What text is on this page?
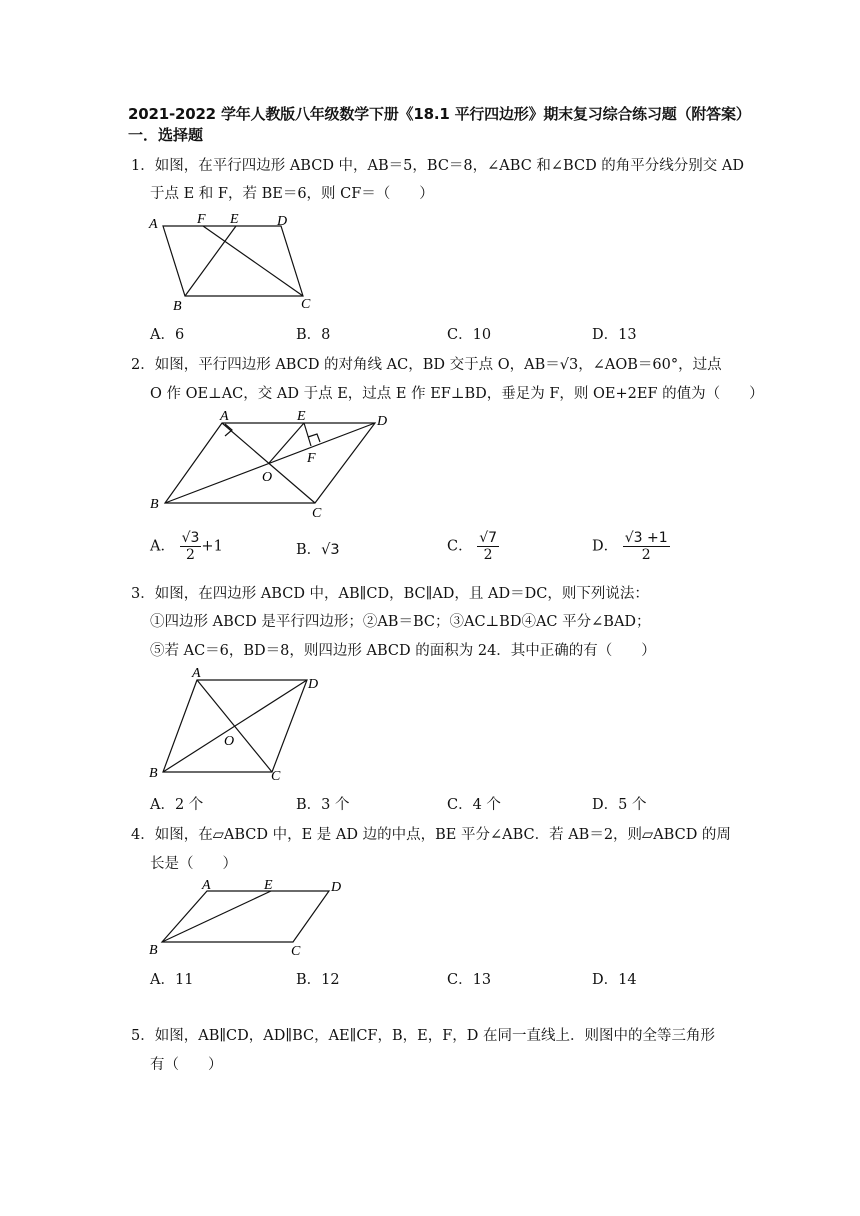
2021-2022 学年人教版八年级数学下册《18.1 平行四边形》期末复习综合练习题（附答案）
一．选择题
1．如图，在平行四边形 ABCD 中，AB＝5，BC＝8，∠ABC 和∠BCD 的角平分线分别交 AD
于点 E 和 F，若 BE＝6，则 CF＝（　　）
A	F E	D
B	C
A．6	B．8	C．10	D．13
2．如图，平行四边形 ABCD 的对角线 AC，BD 交于点 O，AB＝√3，∠AOB＝60°，过点
O 作 OE⊥AC，交 AD 于点 E，过点 E 作 EF⊥BD，垂足为 F，则 OE+2EF 的值为（　　）
A	E	D
F
O
B
C
A． $\frac{√3}{2} +1$	B．√3	C． $\frac{√7}{2}$	D． $\frac{√3 +1}{2}$
3．如图，在四边形 ABCD 中，AB∥CD，BC∥AD，且 AD＝DC，则下列说法：
①四边形 ABCD 是平行四边形；②AB＝BC；③AC⊥BD④AC 平分∠BAD；
⑤若 AC＝6，BD＝8，则四边形 ABCD 的面积为 24．其中正确的有（　　）
A
D
O
B	C
A．2 个	B．3 个	C．4 个	D．5 个
4．如图，在▱ABCD 中，E 是 AD 边的中点，BE 平分∠ABC．若 AB＝2，则▱ABCD 的周
长是（　　）
A	E	D
B	C
A．11	B．12	C．13	D．14
5．如图，AB∥CD，AD∥BC，AE∥CF，B，E，F，D 在同一直线上．则图中的全等三角形
有（　　）
